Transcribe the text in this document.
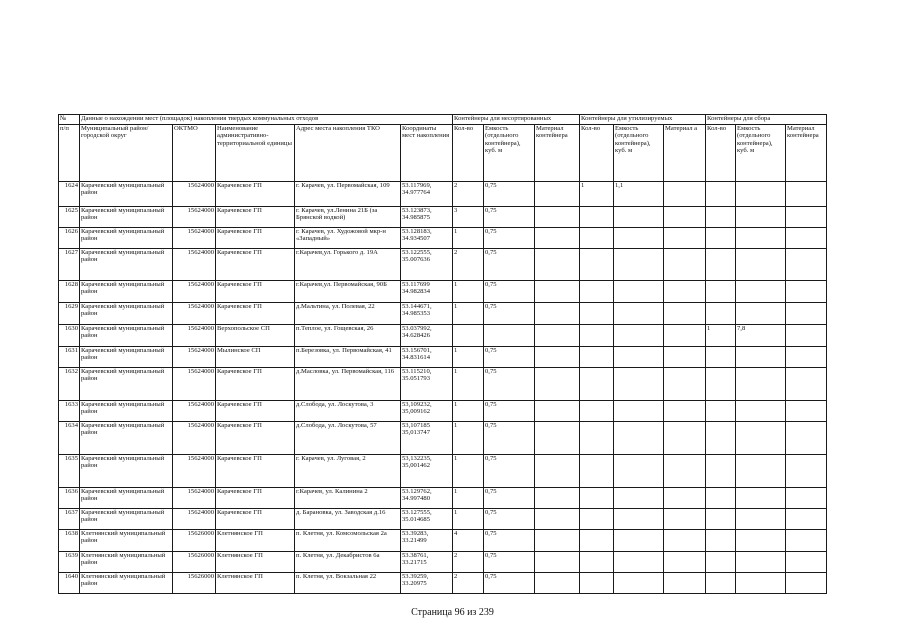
№	Данные о нахождении мест (площадок) накопления твердых коммунальных отходов					Контейнеры для несортированных			Контейнеры для утилизируемых			Контейнеры для сбора		
п/п	Муниципальный район/городской округ	ОКТМО	Наименование административно-территориальной единицы	Адрес места накопления ТКО	Координаты мест накопления	Кол-во	Емкость (отдельного контейнера), куб. м	Материал контейнера	Кол-во	Емкость (отдельного контейнера), куб. м	Материал а	Кол-во	Емкость (отдельного контейнера), куб. м	Материал контейнера
1624	Карачевский муниципальный район	15624000	Карачевское ГП	г. Карачев, ул. Первомайская, 109	53.117969, 34.977764	2	0,75		1	1,1				
1625	Карачевский муниципальный район	15624000	Карачевское ГП	г. Карачев, ул.Ленина 21Б (за Брянской водкой)	53.123873, 34.985875	3	0,75							
1626	Карачевский муниципальный район	15624000	Карачевское ГП	г. Карачев, ул. Художовой мкр-н «Западный»	53.128183, 34.934507	1	0,75							
1627	Карачевский муниципальный район	15624000	Карачевское ГП	г.Карачев,ул. Горького д. 19А	53.122555, 35.007636	2	0,75							
1628	Карачевский муниципальный район	15624000	Карачевское ГП	г.Карачев,ул. Первомайская, 90Б	53.117699 34.982834	1	0,75							
1629	Карачевский муниципальный район	15624000	Карачевское ГП	д.Мальтина, ул. Полевая, 22	53.144671, 34.985353	1	0,75							
1630	Карачевский муниципальный район	15624000	Верхопольское СП	п.Теплое, ул. Гощевская, 26	53.037992, 34.628426							1	7,8	
1631	Карачевский муниципальный район	15624000	Мылинское СП	п.Березовка, ул. Первомайская, 41	53.156701, 34.831614	1	0,75							
1632	Карачевский муниципальный район	15624000	Карачевское ГП	д.Масловка, ул. Первомайская, 116	53.115210, 35.051793	1	0,75							
1633	Карачевский муниципальный район	15624000	Карачевское ГП	д.Слобода, ул. Лоскутова, 3	53,109232, 35,009162	1	0,75							
1634	Карачевский муниципальный район	15624000	Карачевское ГП	д.Слобода, ул. Лоскутова, 57	53,107185 35,013747	1	0,75							
1635	Карачевский муниципальный район	15624000	Карачевское ГП	г. Карачев, ул. Луговая, 2	53,132235, 35,001462	1	0,75							
1636	Карачевский муниципальный район	15624000	Карачевское ГП	г.Карачев, ул. Калинина 2	53.129762, 34.997480	1	0,75							
1637	Карачевский муниципальный район	15624000	Карачевское ГП	д. Барановка, ул. Заводская д.16	53.127555, 35.014685	1	0,75							
1638	Клетнянский муниципальный район	15626000	Клетнянское ГП	п. Клетня, ул. Комсомольская 2а	53.39283, 33.21499	4	0,75							
1639	Клетнянский муниципальный район	15626000	Клетнянское ГП	п. Клетня, ул. Декабристов 6а	53.38761, 33.21715	2	0,75							
1640	Клетнянский муниципальный район	15626000	Клетнянское ГП	п. Клетня, ул. Вокзальная 22	53.39259, 33.20975	2	0,75							
Страница 96 из 239
